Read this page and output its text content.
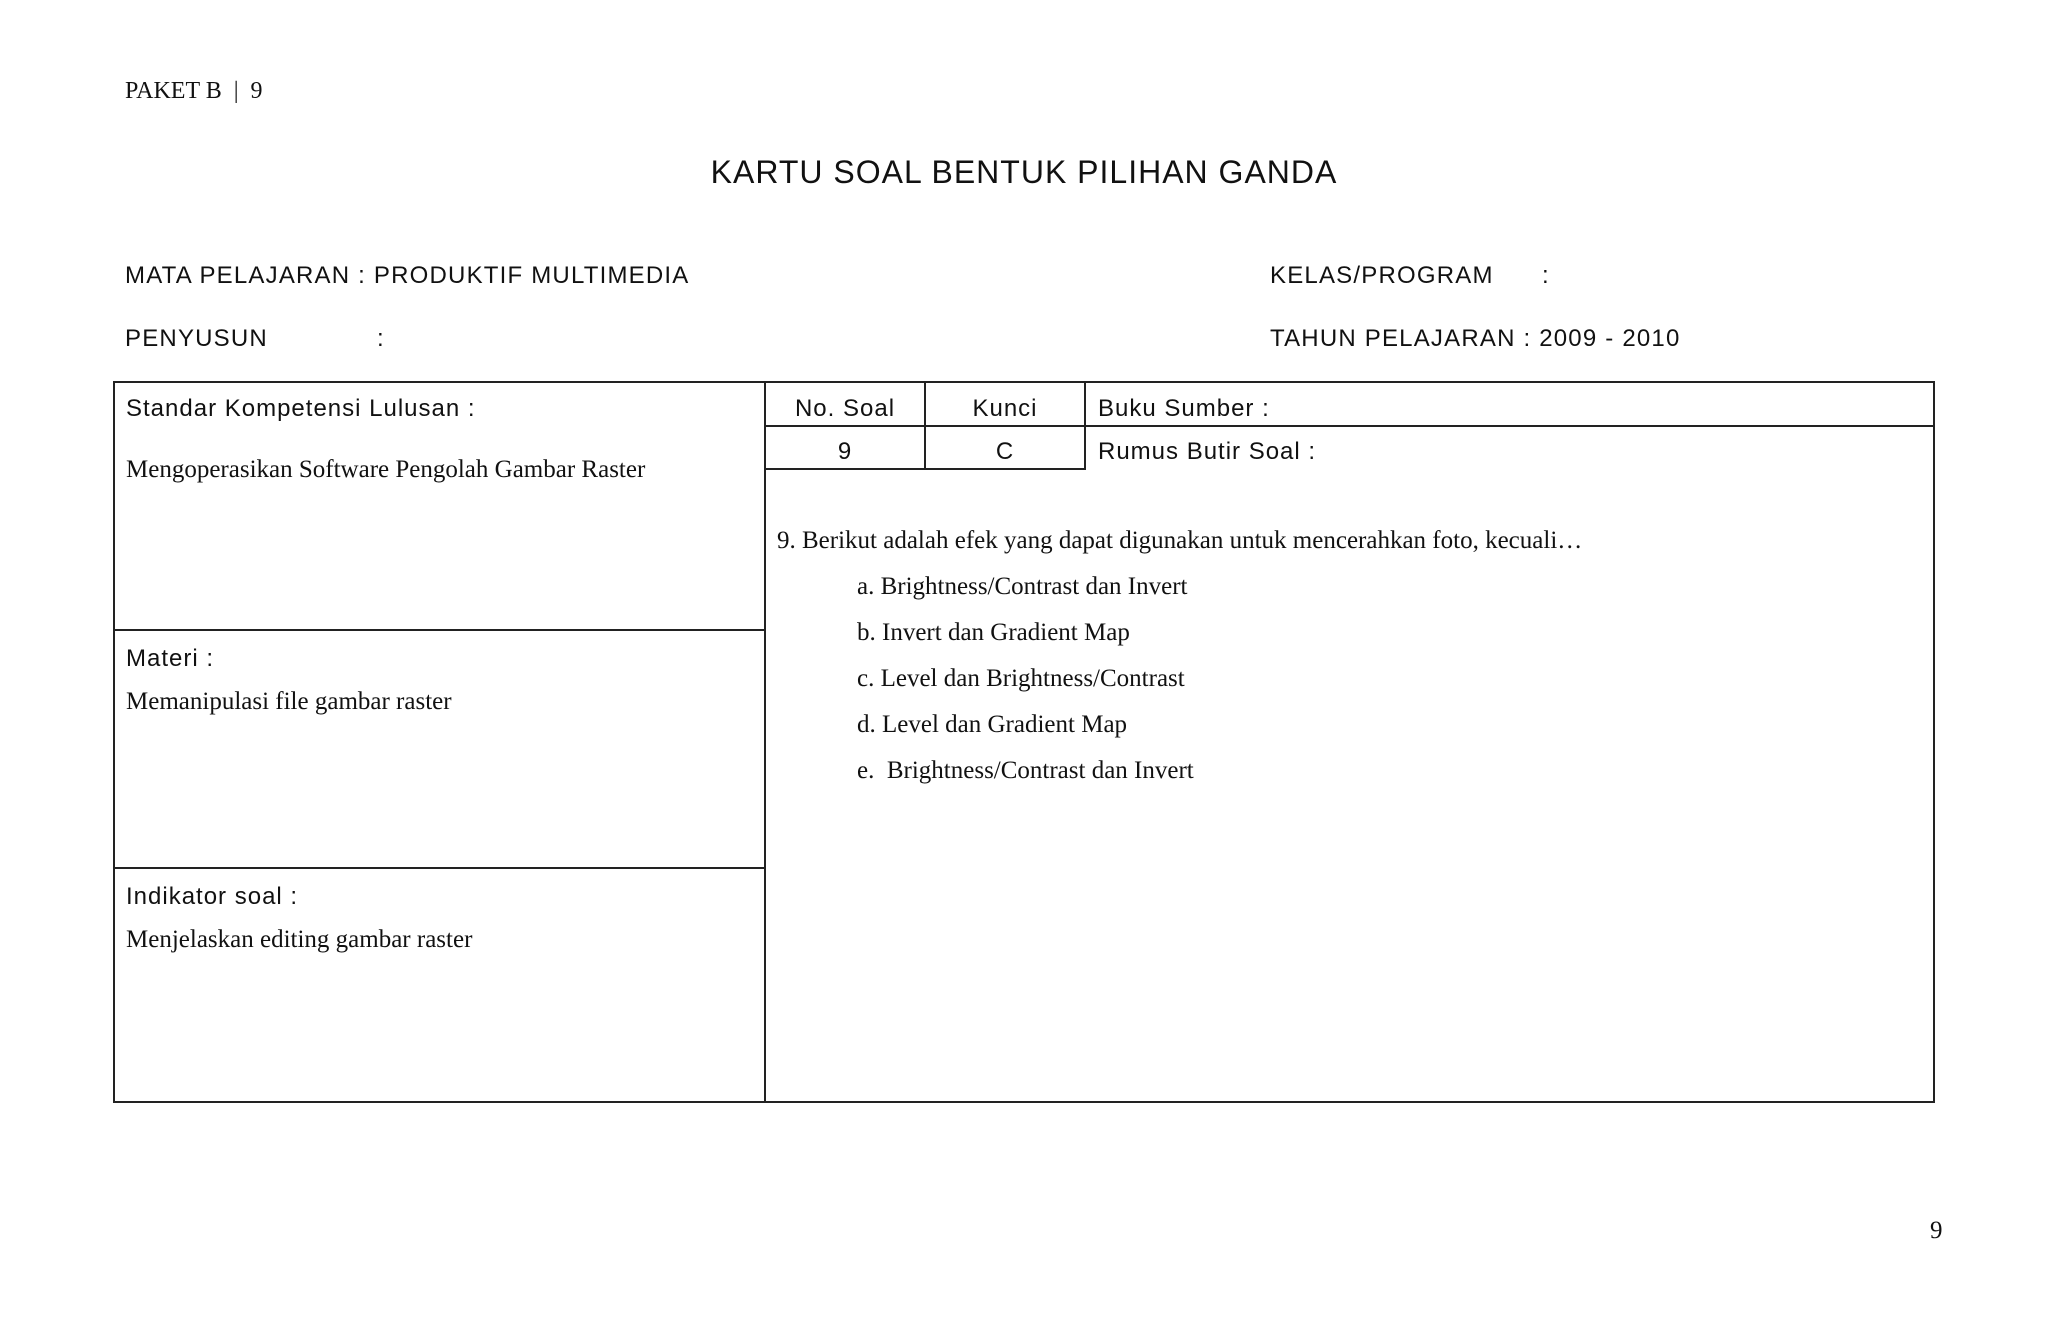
PAKET B  |  9
KARTU SOAL BENTUK PILIHAN GANDA
MATA PELAJARAN : PRODUKTIF MULTIMEDIA	KELAS/PROGRAM :
PENYUSUN	:	TAHUN PELAJARAN : 2009 - 2010
Standar Kompetensi Lulusan :
Mengoperasikan Software Pengolah Gambar Raster
Materi :
Memanipulasi file gambar raster
Indikator soal :
Menjelaskan editing gambar raster
No. Soal	Kunci	Buku Sumber :
9	C	Rumus Butir Soal :
9. Berikut adalah efek yang dapat digunakan untuk mencerahkan foto, kecuali…
a. Brightness/Contrast dan Invert
b. Invert dan Gradient Map
c. Level dan Brightness/Contrast
d. Level dan Gradient Map
e.  Brightness/Contrast dan Invert
9
